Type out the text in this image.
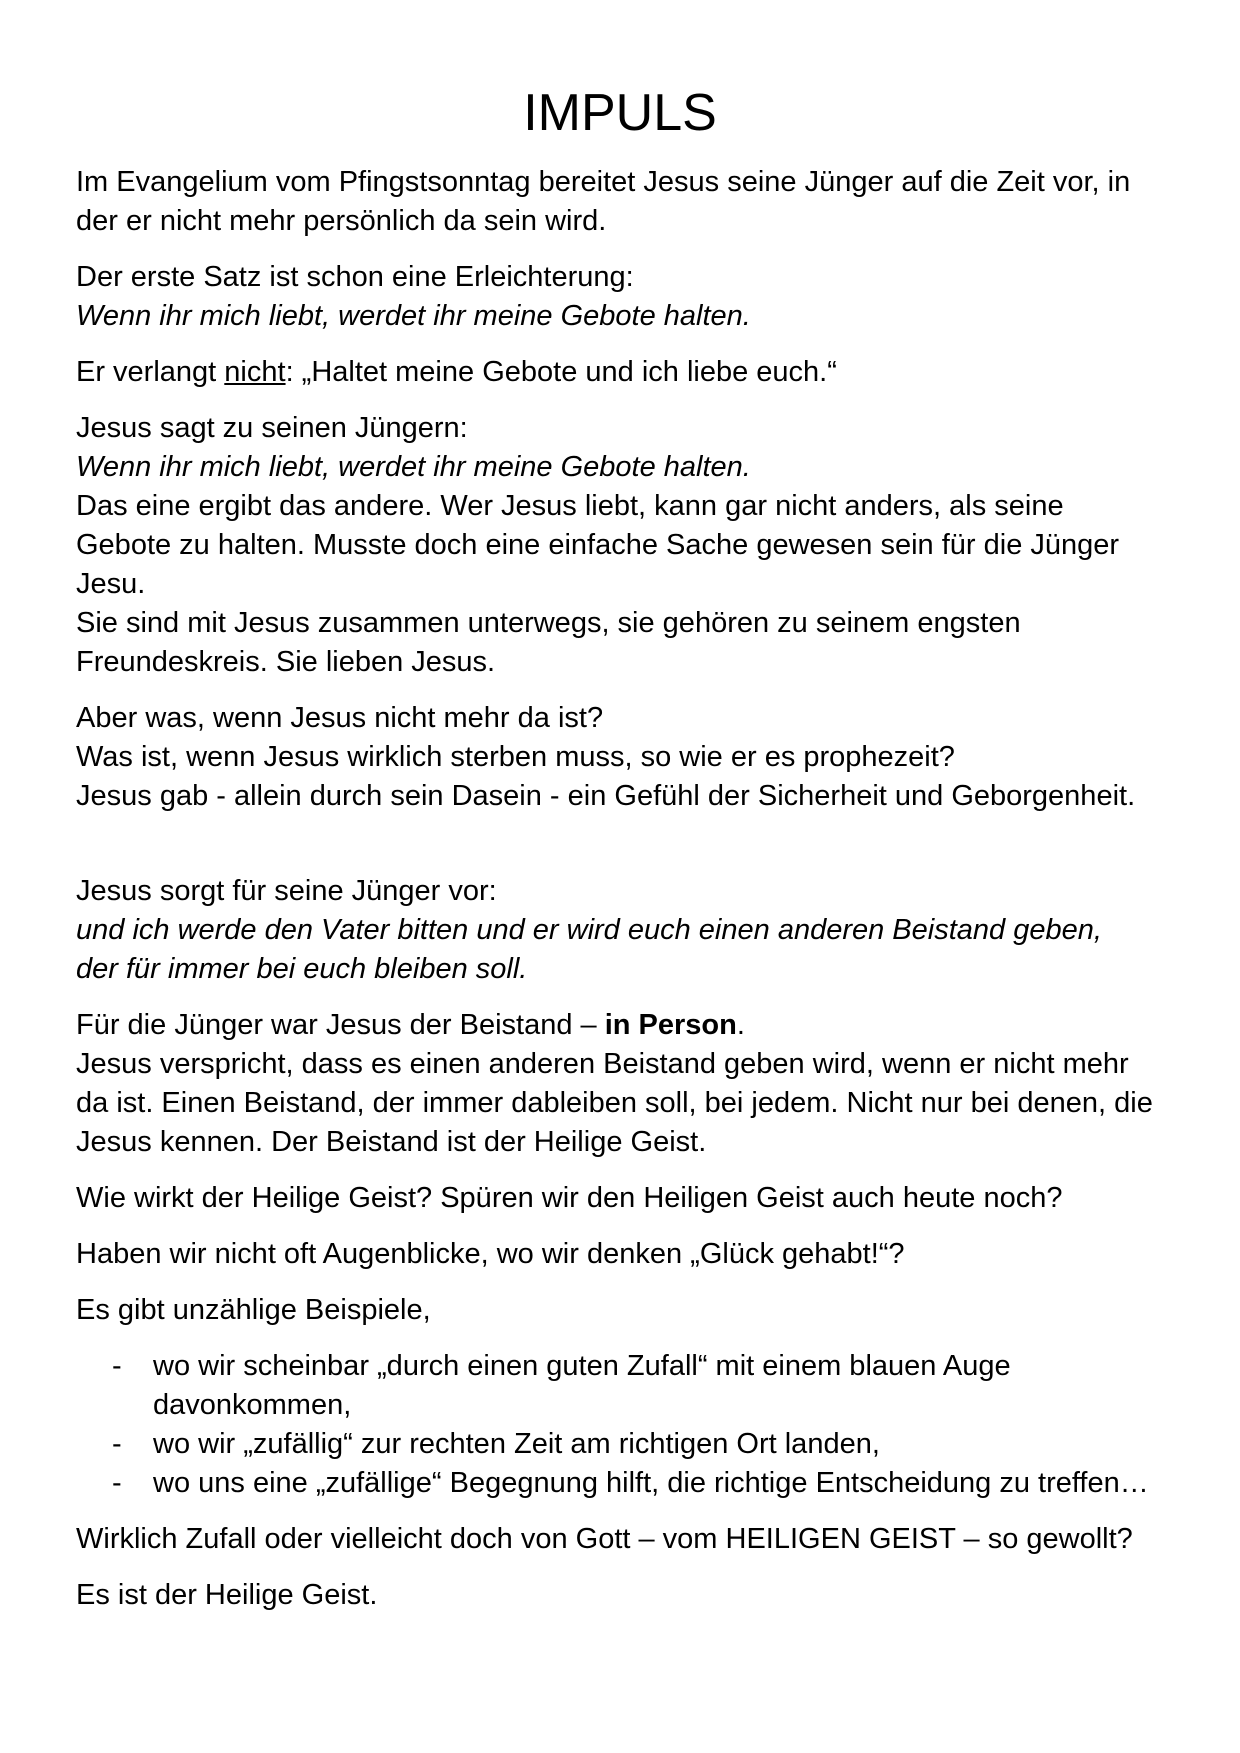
IMPULS

Im Evangelium vom Pfingstsonntag bereitet Jesus seine Jünger auf die Zeit vor, in
der er nicht mehr persönlich da sein wird.

Der erste Satz ist schon eine Erleichterung:
Wenn ihr mich liebt, werdet ihr meine Gebote halten.

Er verlangt nicht: „Haltet meine Gebote und ich liebe euch.“

Jesus sagt zu seinen Jüngern:
Wenn ihr mich liebt, werdet ihr meine Gebote halten.
Das eine ergibt das andere. Wer Jesus liebt, kann gar nicht anders, als seine
Gebote zu halten. Musste doch eine einfache Sache gewesen sein für die Jünger
Jesu.
Sie sind mit Jesus zusammen unterwegs, sie gehören zu seinem engsten
Freundeskreis. Sie lieben Jesus.

Aber was, wenn Jesus nicht mehr da ist?
Was ist, wenn Jesus wirklich sterben muss, so wie er es prophezeit?
Jesus gab - allein durch sein Dasein - ein Gefühl der Sicherheit und Geborgenheit.

Jesus sorgt für seine Jünger vor:
und ich werde den Vater bitten und er wird euch einen anderen Beistand geben,
der für immer bei euch bleiben soll.

Für die Jünger war Jesus der Beistand – in Person.
Jesus verspricht, dass es einen anderen Beistand geben wird, wenn er nicht mehr
da ist. Einen Beistand, der immer dableiben soll, bei jedem. Nicht nur bei denen, die
Jesus kennen. Der Beistand ist der Heilige Geist.

Wie wirkt der Heilige Geist? Spüren wir den Heiligen Geist auch heute noch?

Haben wir nicht oft Augenblicke, wo wir denken „Glück gehabt!“?

Es gibt unzählige Beispiele,

-	wo wir scheinbar „durch einen guten Zufall“ mit einem blauen Auge
davonkommen,
-	wo wir „zufällig“ zur rechten Zeit am richtigen Ort landen,
-	wo uns eine „zufällige“ Begegnung hilft, die richtige Entscheidung zu treffen…

Wirklich Zufall oder vielleicht doch von Gott – vom HEILIGEN GEIST – so gewollt?

Es ist der Heilige Geist.
